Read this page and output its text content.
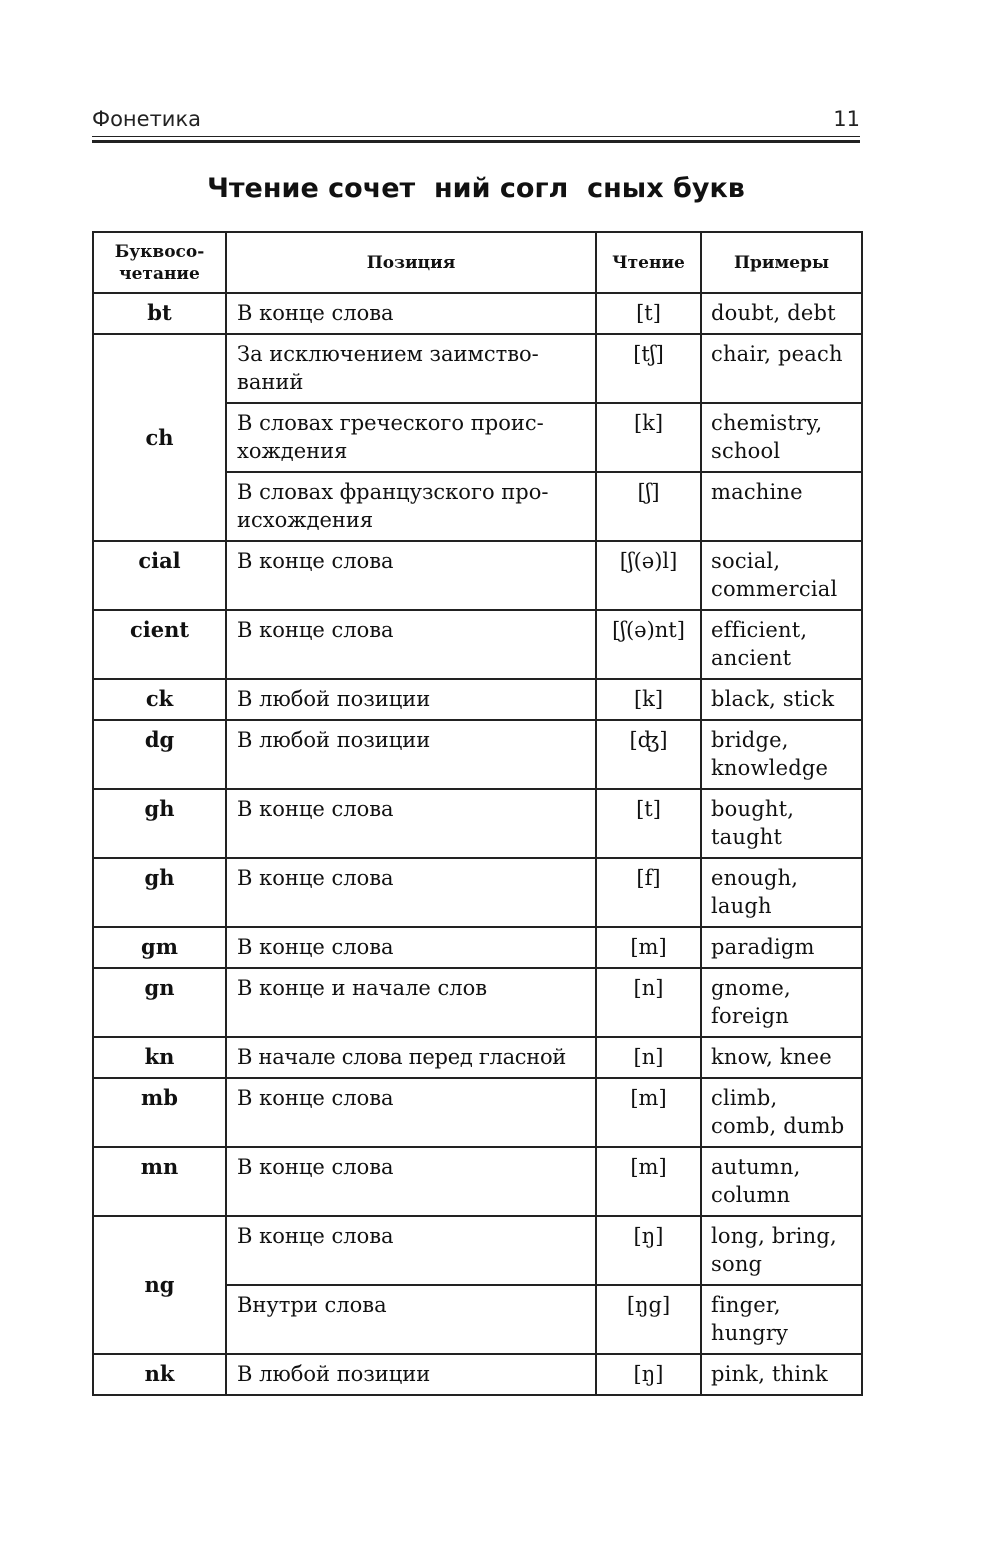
Фонетика	11
Чтение сочет  ний согл  сных букв
Буквосо-
четание	Позиция	Чтение	Примеры
bt	В конце слова	[t]	doubt, debt
ch	За исключением заимство-
ваний	[tʃ]	chair, peach
	В словах греческого проис-
хождения	[k]	chemistry,
school
	В словах французского про-
исхождения	[ʃ]	machine
cial	В конце слова	[ʃ(ə)l]	social,
commercial
cient	В конце слова	[ʃ(ə)nt]	efficient,
ancient
ck	В любой позиции	[k]	black, stick
dg	В любой позиции	[ʤ]	bridge,
knowledge
gh	В конце слова	[t]	bought,
taught
gh	В конце слова	[f]	enough,
laugh
gm	В конце слова	[m]	paradigm
gn	В конце и начале слов	[n]	gnome,
foreign
kn	В начале слова перед гласной	[n]	know, knee
mb	В конце слова	[m]	climb,
comb, dumb
mn	В конце слова	[m]	autumn,
column
ng	В конце слова	[ŋ]	long, bring,
song
	Внутри слова	[ŋg]	finger,
hungry
nk	В любой позиции	[ŋ]	pink, think
